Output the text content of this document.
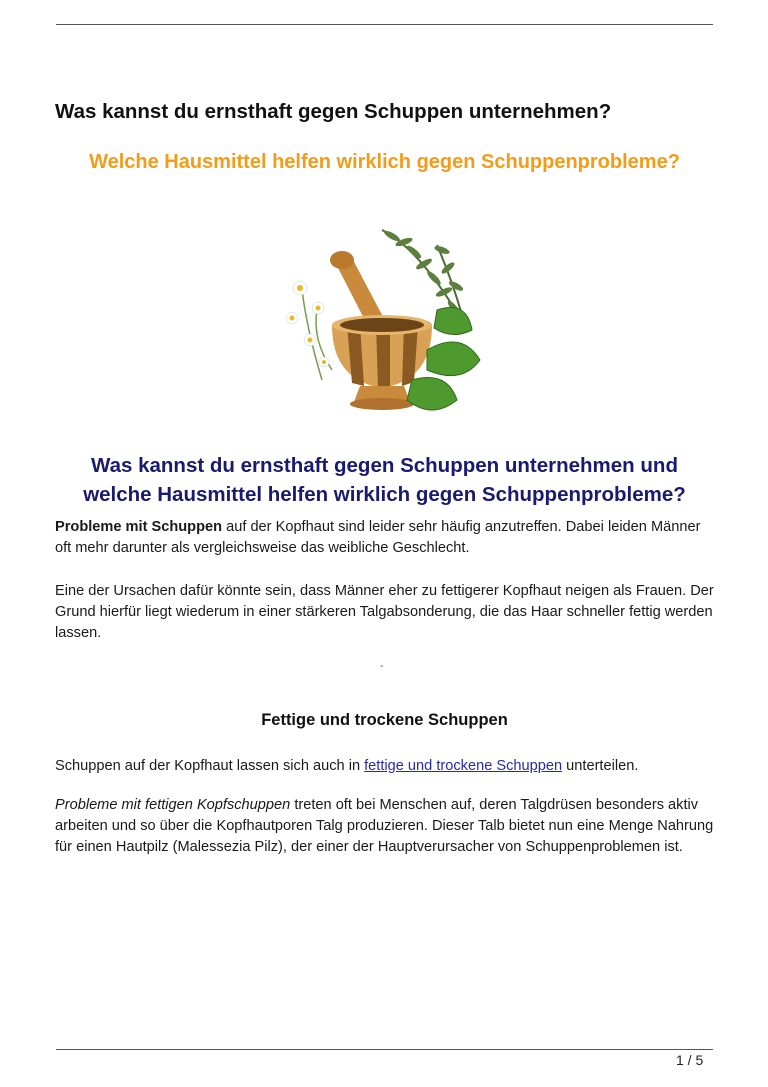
Was kannst du ernsthaft gegen Schuppen unternehmen?
Welche Hausmittel helfen wirklich gegen Schuppenprobleme?
Was kannst du ernsthaft gegen Schuppen unternehmen und welche Hausmittel helfen wirklich gegen Schuppenprobleme?
Probleme mit Schuppen auf der Kopfhaut sind leider sehr häufig anzutreffen. Dabei leiden Männer oft mehr darunter als vergleichsweise das weibliche Geschlecht.
Eine der Ursachen dafür könnte sein, dass Männer eher zu fettigerer Kopfhaut neigen als Frauen. Der Grund hierfür liegt wiederum in einer stärkeren Talgabsonderung, die das Haar schneller fettig werden lassen.
-
Fettige und trockene Schuppen
Schuppen auf der Kopfhaut lassen sich auch in fettige und trockene Schuppen unterteilen.
Probleme mit fettigen Kopfschuppen treten oft bei Menschen auf, deren Talgdrüsen besonders aktiv arbeiten und so über die Kopfhautporen Talg produzieren. Dieser Talb bietet nun eine Menge Nahrung für einen Hautpilz (Malessezia Pilz), der einer der Hauptverursacher von Schuppenproblemen ist.
1 / 5
